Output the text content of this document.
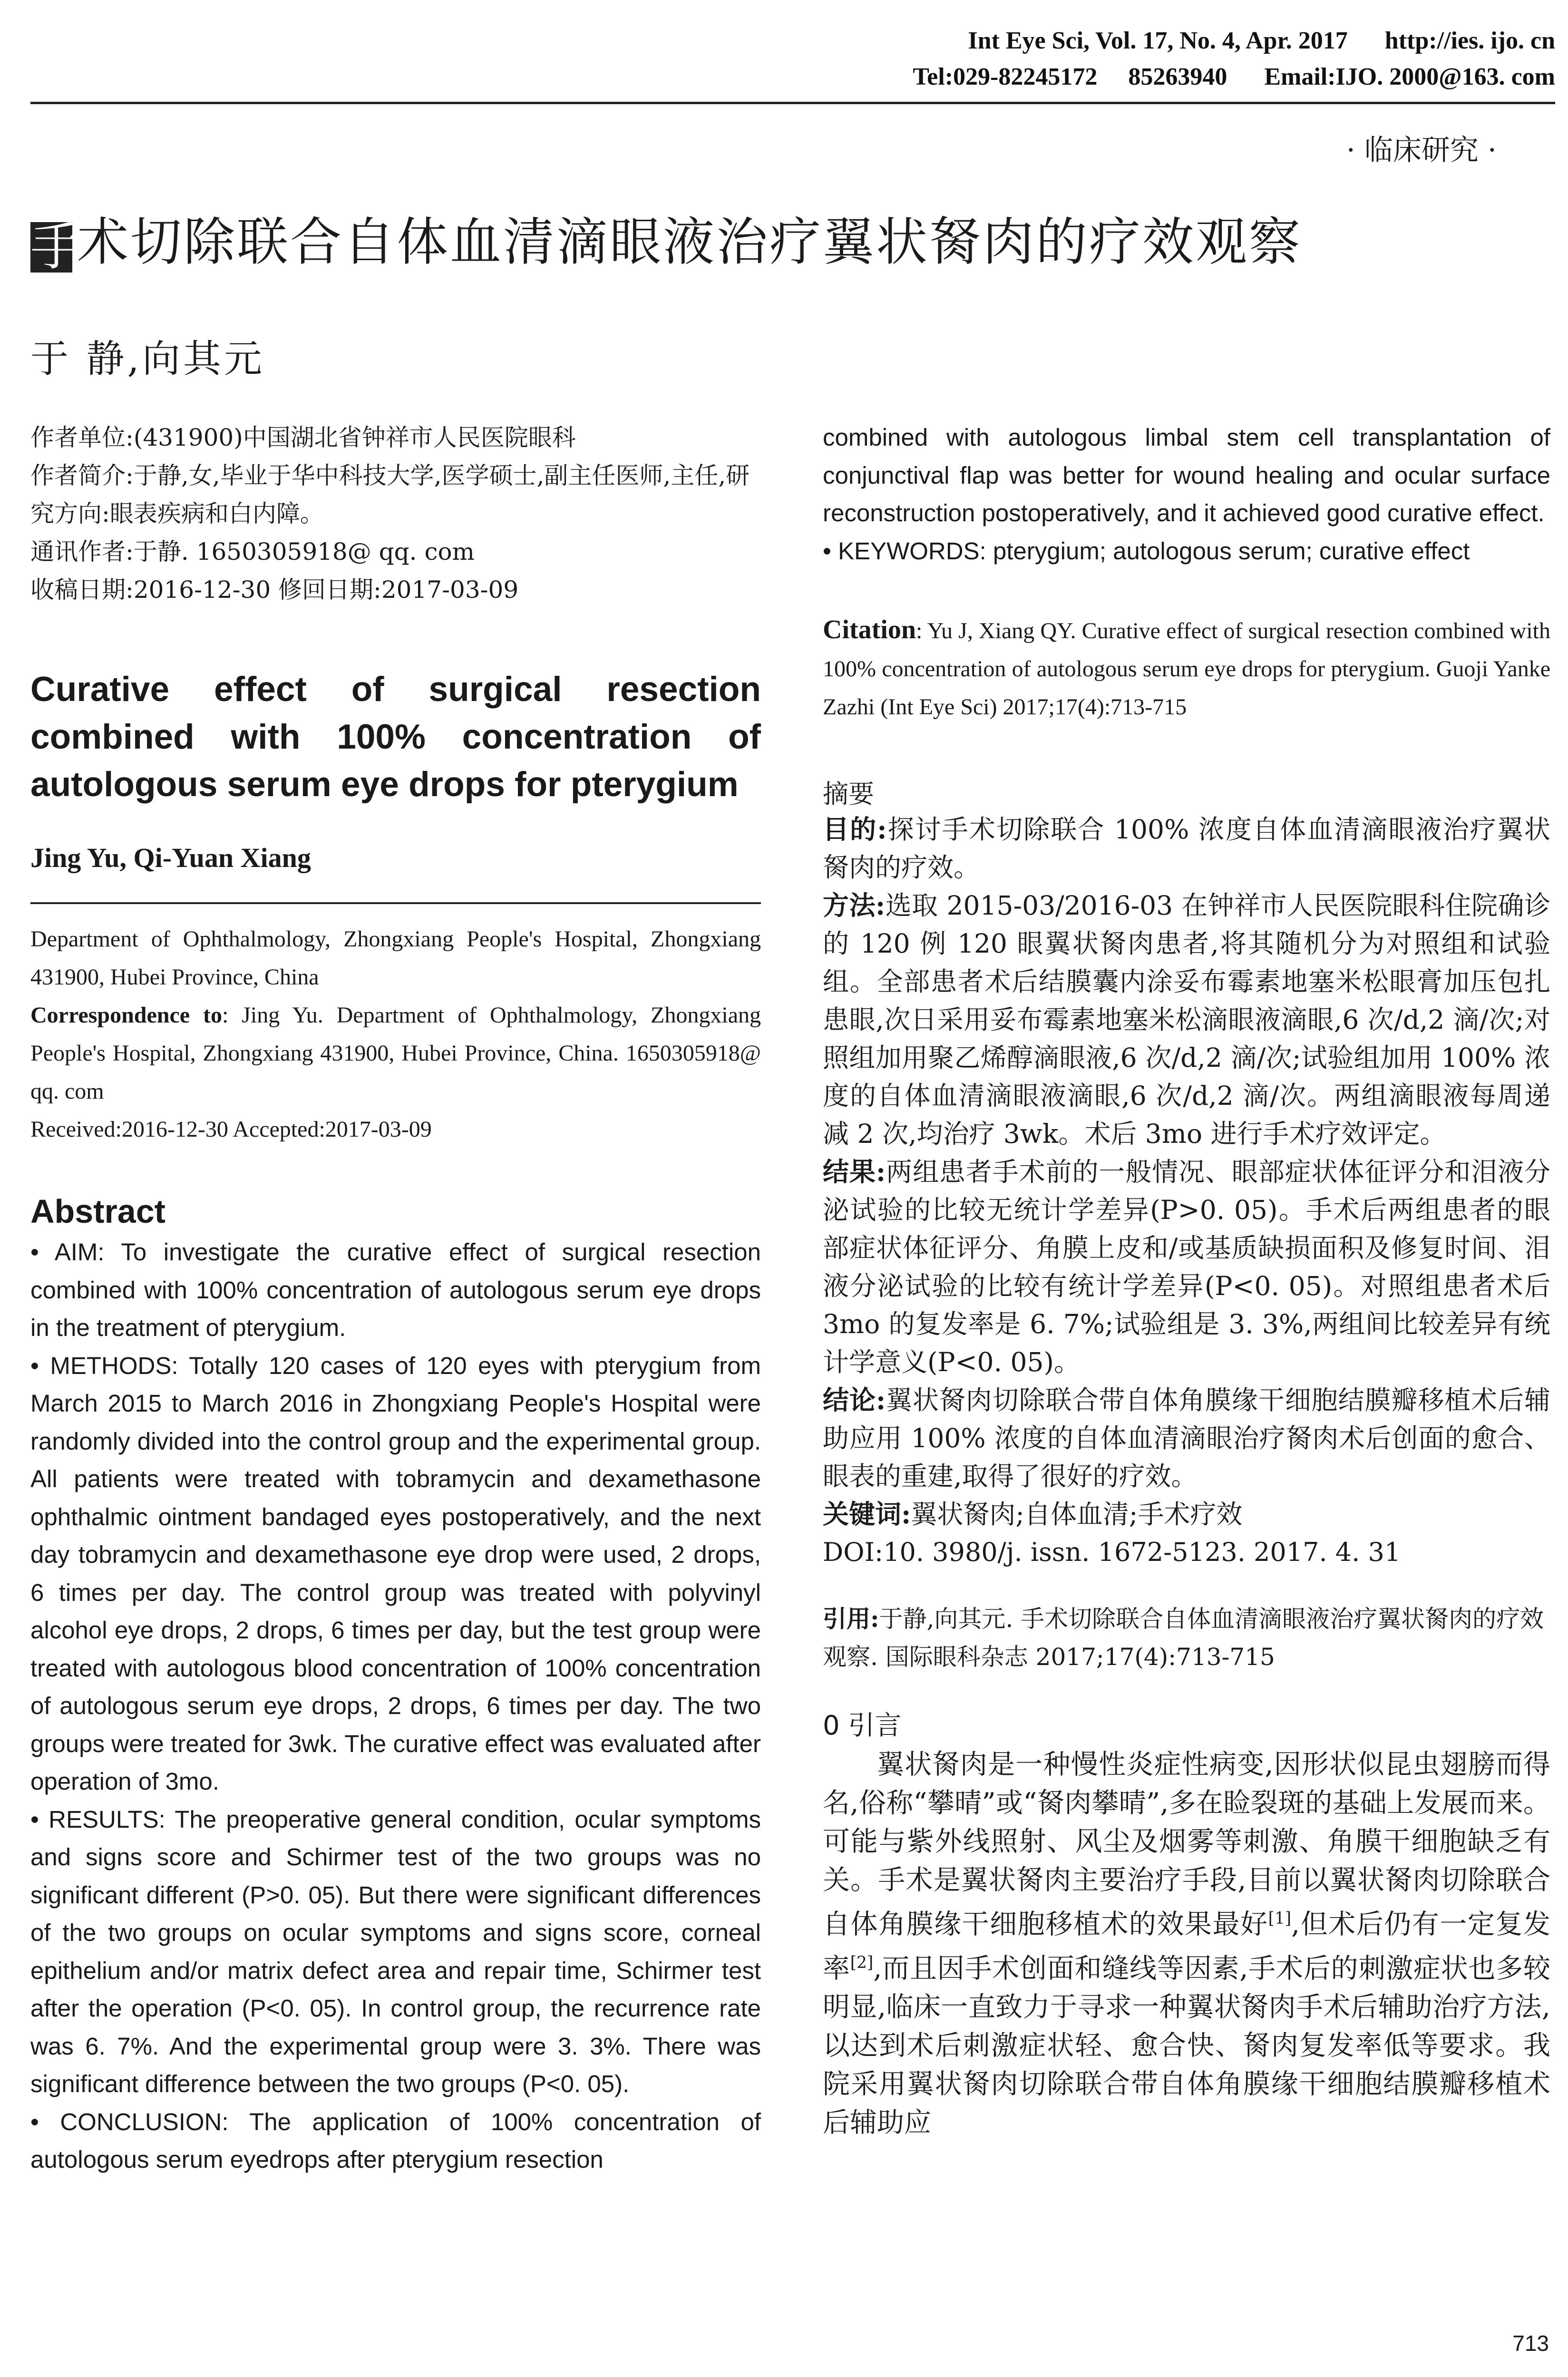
Int Eye Sci, Vol. 17, No. 4, Apr. 2017 http://ies. ijo. cn
Tel:029-82245172     85263940 Email:IJO. 2000@163. com
· 临床研究 ·
手术切除联合自体血清滴眼液治疗翼状胬肉的疗效观察
于 静,向其元

作者单位:(431900)中国湖北省钟祥市人民医院眼科

作者简介:于静,女,毕业于华中科技大学,医学硕士,副主任医师,主任,研究方向:眼表疾病和白内障。

通讯作者:于静. 1650305918@ qq. com

收稿日期:2016-12-30 修回日期:2017-03-09

Curative effect of surgical resection combined with 100% concentration of autologous serum eye drops for pterygium
Jing Yu, Qi-Yuan Xiang
Department of Ophthalmology, Zhongxiang People's Hospital, Zhongxiang 431900, Hubei Province, China
Correspondence to: Jing Yu. Department of Ophthalmology, Zhongxiang People's Hospital, Zhongxiang 431900, Hubei Province, China. 1650305918@ qq. com
Received:2016-12-30 Accepted:2017-03-09
Abstract

• AIM: To investigate the curative effect of surgical resection combined with 100% concentration of autologous serum eye drops in the treatment of pterygium.

• METHODS: Totally 120 cases of 120 eyes with pterygium from March 2015 to March 2016 in Zhongxiang People's Hospital were randomly divided into the control group and the experimental group. All patients were treated with tobramycin and dexamethasone ophthalmic ointment bandaged eyes postoperatively, and the next day tobramycin and dexamethasone eye drop were used, 2 drops, 6 times per day. The control group was treated with polyvinyl alcohol eye drops, 2 drops, 6 times per day, but the test group were treated with autologous blood concentration of 100% concentration of autologous serum eye drops, 2 drops, 6 times per day. The two groups were treated for 3wk. The curative effect was evaluated after operation of 3mo.

• RESULTS: The preoperative general condition, ocular symptoms and signs score and Schirmer test of the two groups was no significant different (P>0. 05). But there were significant differences of the two groups on ocular symptoms and signs score, corneal epithelium and/or matrix defect area and repair time, Schirmer test after the operation (P<0. 05). In control group, the recurrence rate was 6. 7%. And the experimental group were 3. 3%. There was significant difference between the two groups (P<0. 05).

• CONCLUSION: The application of 100% concentration of autologous serum eyedrops after pterygium resection

combined with autologous limbal stem cell transplantation of conjunctival flap was better for wound healing and ocular surface reconstruction postoperatively, and it achieved good curative effect.

• KEYWORDS: pterygium; autologous serum; curative effect

Citation: Yu J, Xiang QY. Curative effect of surgical resection combined with 100% concentration of autologous serum eye drops for pterygium. Guoji Yanke Zazhi (Int Eye Sci) 2017;17(4):713-715
摘要

目的:探讨手术切除联合 100% 浓度自体血清滴眼液治疗翼状胬肉的疗效。

方法:选取 2015-03/2016-03 在钟祥市人民医院眼科住院确诊的 120 例 120 眼翼状胬肉患者,将其随机分为对照组和试验组。全部患者术后结膜囊内涂妥布霉素地塞米松眼膏加压包扎患眼,次日采用妥布霉素地塞米松滴眼液滴眼,6 次/d,2 滴/次;对照组加用聚乙烯醇滴眼液,6 次/d,2 滴/次;试验组加用 100% 浓度的自体血清滴眼液滴眼,6 次/d,2 滴/次。两组滴眼液每周递减 2 次,均治疗 3wk。术后 3mo 进行手术疗效评定。

结果:两组患者手术前的一般情况、眼部症状体征评分和泪液分泌试验的比较无统计学差异(P>0. 05)。手术后两组患者的眼部症状体征评分、角膜上皮和/或基质缺损面积及修复时间、泪液分泌试验的比较有统计学差异(P<0. 05)。对照组患者术后 3mo 的复发率是 6. 7%;试验组是 3. 3%,两组间比较差异有统计学意义(P<0. 05)。

结论:翼状胬肉切除联合带自体角膜缘干细胞结膜瓣移植术后辅助应用 100% 浓度的自体血清滴眼治疗胬肉术后创面的愈合、眼表的重建,取得了很好的疗效。

关键词:翼状胬肉;自体血清;手术疗效

DOI:10. 3980/j. issn. 1672-5123. 2017. 4. 31

引用:于静,向其元. 手术切除联合自体血清滴眼液治疗翼状胬肉的疗效观察. 国际眼科杂志 2017;17(4):713-715
0 引言

翼状胬肉是一种慢性炎症性病变,因形状似昆虫翅膀而得名,俗称“攀晴”或“胬肉攀晴”,多在睑裂斑的基础上发展而来。可能与紫外线照射、风尘及烟雾等刺激、角膜干细胞缺乏有关。手术是翼状胬肉主要治疗手段,目前以翼状胬肉切除联合自体角膜缘干细胞移植术的效果最好[1],但术后仍有一定复发率[2],而且因手术创面和缝线等因素,手术后的刺激症状也多较明显,临床一直致力于寻求一种翼状胬肉手术后辅助治疗方法,以达到术后刺激症状轻、愈合快、胬肉复发率低等要求。我院采用翼状胬肉切除联合带自体角膜缘干细胞结膜瓣移植术后辅助应

713
